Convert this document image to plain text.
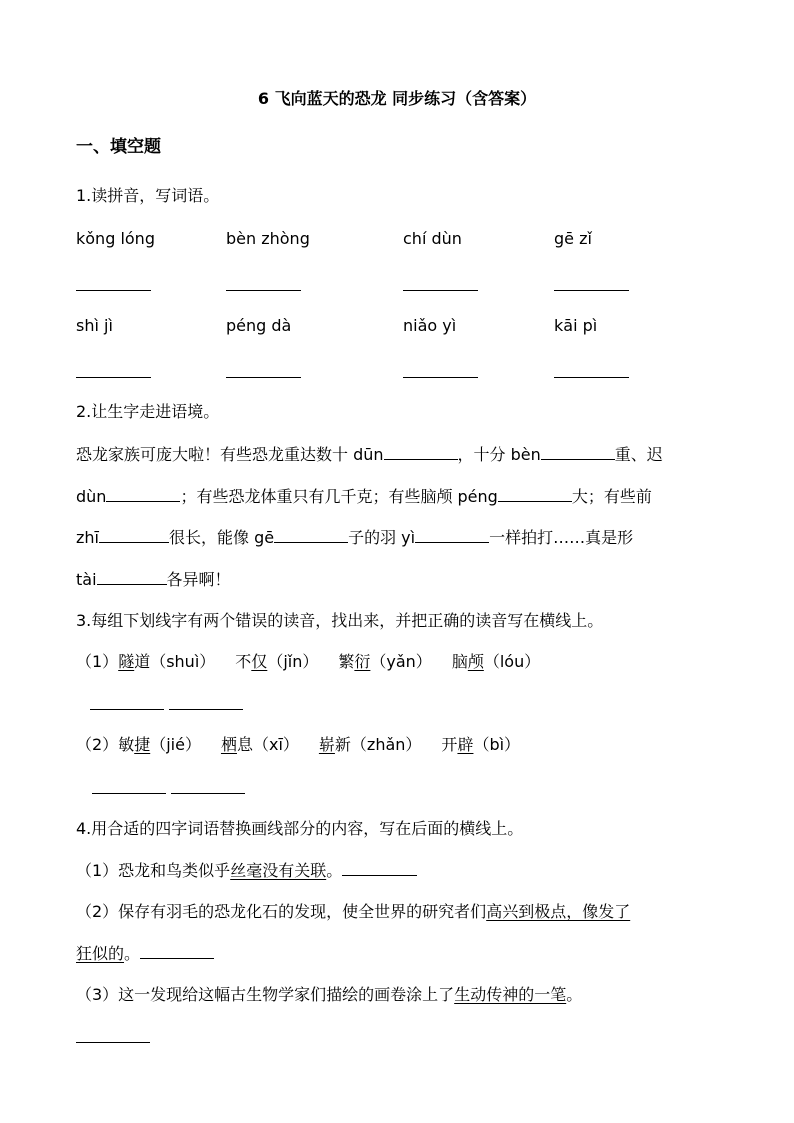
6 飞向蓝天的恐龙 同步练习（含答案）
一、填空题
1.读拼音，写词语。
kǒng lóng	bèn zhòng	chí dùn	gē zǐ
shì jì	péng dà	niǎo yì	kāi pì
2.让生字走进语境。
恐龙家族可庞大啦！有些恐龙重达数十 dūn	，十分 bèn	重、迟
dùn	；有些恐龙体重只有几千克；有些脑颅 péng	大；有些前
zhī	很长，能像 gē	子的羽 yì	一样拍打……真是形
tài	各异啊！
3.每组下划线字有两个错误的读音，找出来，并把正确的读音写在横线上。
（1）隧道（shuì） 不仅（jǐn） 繁衍（yǎn） 脑颅（lóu）

（2）敏捷（jié） 栖息（xī） 崭新（zhǎn） 开辟（bì）

4.用合适的四字词语替换画线部分的内容，写在后面的横线上。
（1）恐龙和鸟类似乎丝毫没有关联。
（2）保存有羽毛的恐龙化石的发现，使全世界的研究者们高兴到极点，像发了
狂似的。
（3）这一发现给这幅古生物学家们描绘的画卷涂上了生动传神的一笔。
